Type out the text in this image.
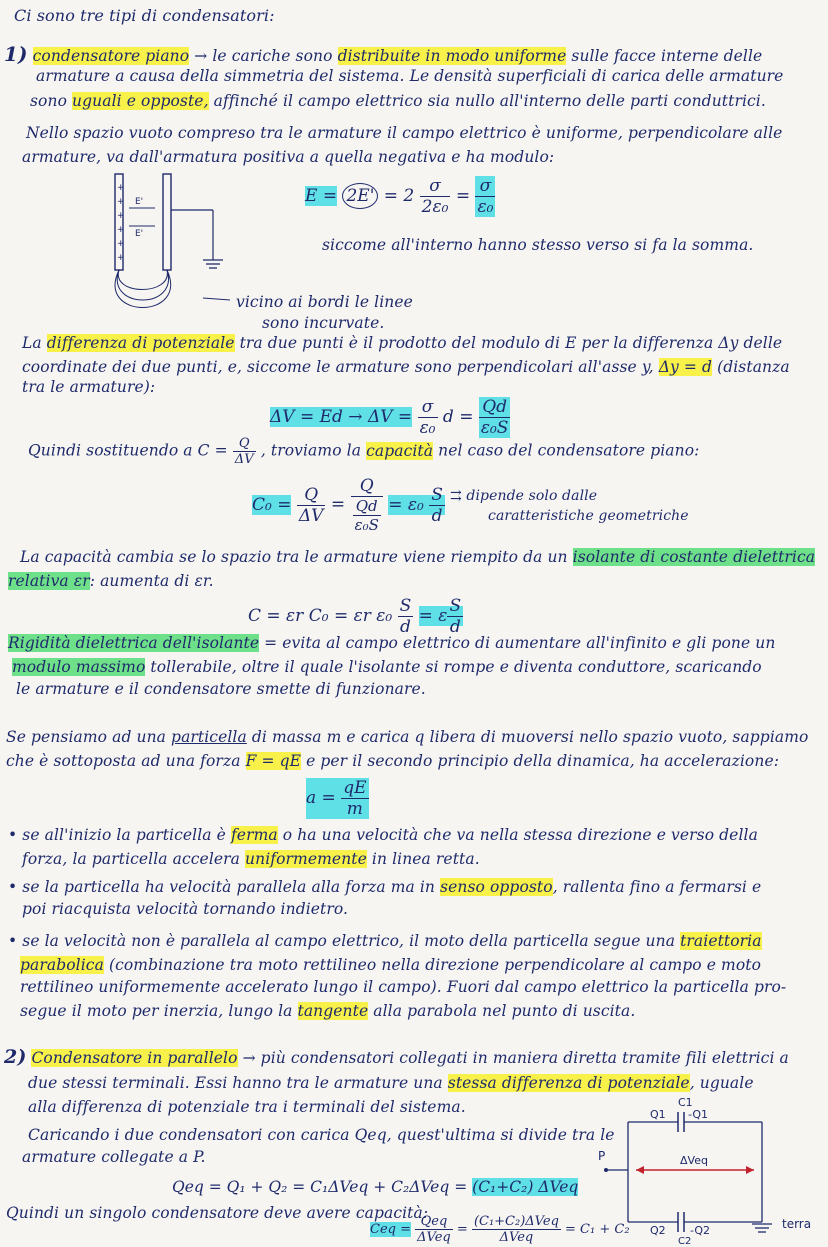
Ci sono tre tipi di condensatori:
1) condensatore piano → le cariche sono distribuite in modo uniforme sulle facce interne delle
armature a causa della simmetria del sistema. Le densità superficiali di carica delle armature
sono uguali e opposte, affinché il campo elettrico sia nullo all'interno delle parti conduttrici.
Nello spazio vuoto compreso tra le armature il campo elettrico è uniforme, perpendicolare alle
armature, va dall'armatura positiva a quella negativa e ha modulo:
+
+
+
+
+
+
E'
E'
$E = 2E' = 2 \frac{\sigma}{\text{2ε₀}} = \frac{\sigma}{\text{ε₀}}$
siccome all'interno hanno stesso verso si fa la somma.
vicino ai bordi le linee
sono incurvate.
La differenza di potenziale tra due punti è il prodotto del modulo di E per la differenza Δy delle
coordinate dei due punti, e, siccome le armature sono perpendicolari all'asse y, Δy = d (distanza
tra le armature):
$\Delta V = Ed \to \Delta V = \frac{\sigma}{\text{ε₀}}$ $d = \frac{Qd}{\text{ε₀S}}$
Quindi sostituendo a $C = \frac{Q}{\Delta V}$ , troviamo la capacità nel caso del condensatore piano:
$C_0 = \frac{Q}{\Delta V}$ =
Q
$\frac{Qd}{\text{ε₀S}} = \varepsilon_0 \frac{S}{d}$ ⇉ dipende solo dalle
caratteristiche geometriche
La capacità cambia se lo spazio tra le armature viene riempito da un isolante di costante dielettrica
relativa εr: aumenta di εr.
C = εr C₀ = εr $\varepsilon_0 \frac{S}{d} = \varepsilon \frac{S}{d}$
Rigidità dielettrica dell'isolante = evita al campo elettrico di aumentare all'infinito e gli pone un
modulo massimo tollerabile, oltre il quale l'isolante si rompe e diventa conduttore, scaricando
le armature e il condensatore smette di funzionare.
Se pensiamo ad una particella di massa m e carica q libera di muoversi nello spazio vuoto, sappiamo
che è sottoposta ad una forza F = qE e per il secondo principio della dinamica, ha accelerazione:
$a = \frac{qE}{m}$
• se all'inizio la particella è ferma o ha una velocità che va nella stessa direzione e verso della
forza, la particella accelera uniformemente in linea retta.
• se la particella ha velocità parallela alla forza ma in senso opposto, rallenta fino a fermarsi e
poi riacquista velocità tornando indietro.
• se la velocità non è parallela al campo elettrico, il moto della particella segue una traiettoria
parabolica (combinazione tra moto rettilineo nella direzione perpendicolare al campo e moto
rettilineo uniformemente accelerato lungo il campo). Fuori dal campo elettrico la particella pro-
segue il moto per inerzia, lungo la tangente alla parabola nel punto di uscita.
2) Condensatore in parallelo → più condensatori collegati in maniera diretta tramite fili elettrici a
due stessi terminali. Essi hanno tra le armature una stessa differenza di potenziale, uguale
alla differenza di potenziale tra i terminali del sistema.
Caricando i due condensatori con carica Qeq, quest'ultima si divide tra le
armature collegate a P.
Qeq = Q₁ + Q₂ = C₁ΔVeq + C₂ΔVeq = (C₁+C₂) ΔVeq
Quindi un singolo condensatore deve avere capacità:
Ceq =
Qeq
ΔVeq
=
(C₁+C₂)ΔVeq
ΔVeq
= C₁ + C₂
C1
Q1 -Q1
P	ΔVeq
Q2 -Q2
C2
terra
